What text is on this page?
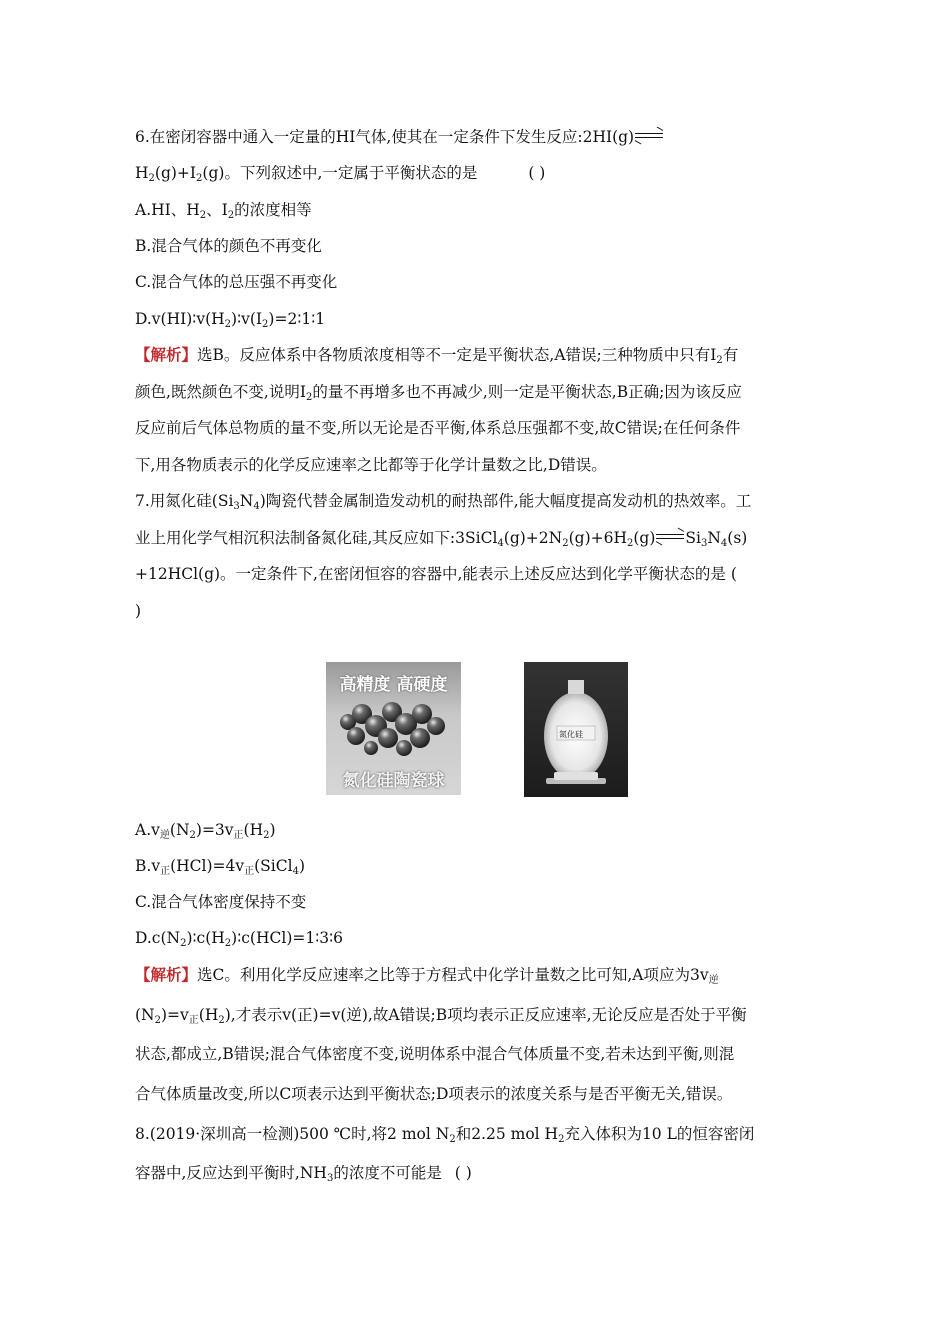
6.在密闭容器中通入一定量的HI气体,使其在一定条件下发生反应:2HI(g)
$H_2(g)+I_2(g)$。下列叙述中,一定属于平衡状态的是	( )
A.HI、$H_2$、$I_2$的浓度相等
B.混合气体的颜色不再变化
C.混合气体的总压强不再变化
$D.v(HI)∶v(H_2)∶v(I_2)=2∶1∶1$
【解析】选B。反应体系中各物质浓度相等不一定是平衡状态,A错误;三种物质中只有$I_2$有
颜色,既然颜色不变,说明$I_2$的量不再增多也不再减少,则一定是平衡状态,B正确;因为该反应
反应前后气体总物质的量不变,所以无论是否平衡,体系总压强都不变,故C错误;在任何条件
下,用各物质表示的化学反应速率之比都等于化学计量数之比,D错误。
7.用氮化硅$(Si_3N_4)$陶瓷代替金属制造发动机的耐热部件,能大幅度提高发动机的热效率。工
业上用化学气相沉积法制备氮化硅,其反应如下$:3SiCl_4(g)+2N_2(g)+6H_2(g)$ $Si_3N_4(s)$
+12HCl(g)。一定条件下,在密闭恒容的容器中,能表示上述反应达到化学平衡状态的是 (
)
高精度 高硬度
氮化硅陶瓷球
氮化硅
$A.v_逆(N_2)=3v_正(H_2)$
$B.v_正(HCl)=4v_正(SiCl_4)$
C.混合气体密度保持不变
$D.c(N_2)∶c(H_2)∶c(HCl)=1∶3∶6$
【解析】选C。利用化学反应速率之比等于方程式中化学计量数之比可知,A项应为$3v_逆$
$(N_2)=v_正(H_2)$,才表示v(正)=v(逆),故A错误;B项均表示正反应速率,无论反应是否处于平衡
状态,都成立,B错误;混合气体密度不变,说明体系中混合气体质量不变,若未达到平衡,则混
合气体质量改变,所以C项表示达到平衡状态;D项表示的浓度关系与是否平衡无关,错误。
8.(2019·深圳高一检测)500 ℃时,将2 mol $N_2$和2.25 mol $H_2$充入体积为10 L的恒容密闭
容器中,反应达到平衡时$,NH_3$的浓度不可能是 ( )
